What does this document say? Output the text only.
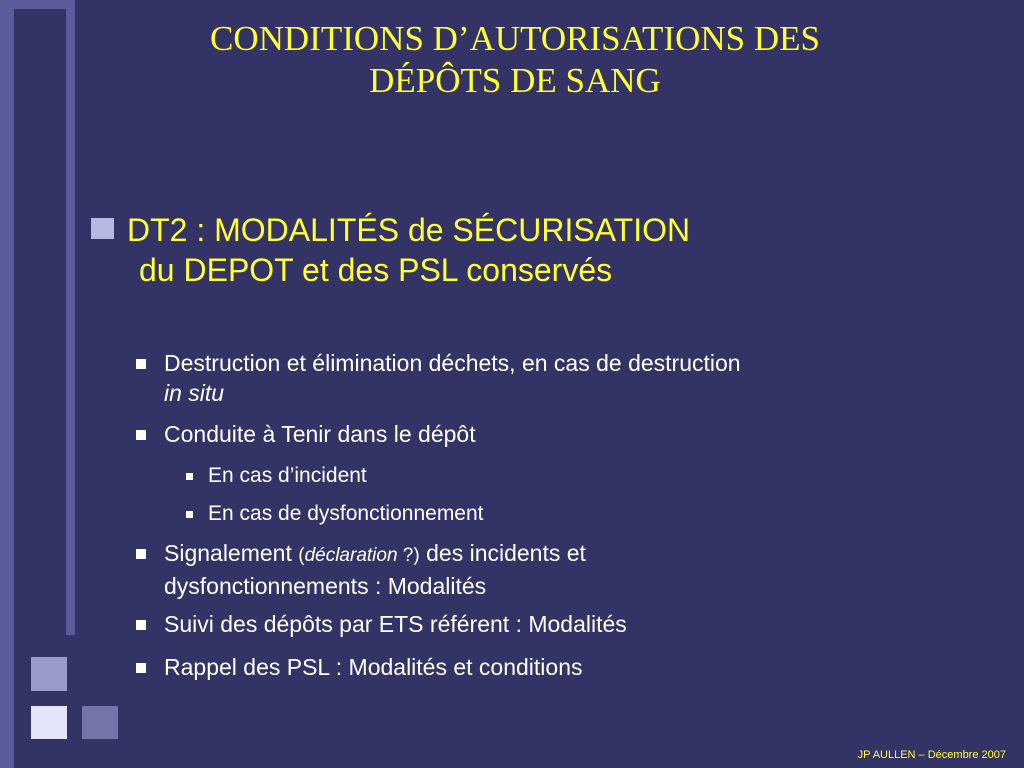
CONDITIONS D’AUTORISATIONS DES
DÉPÔTS DE SANG
DT2 : MODALITÉS de SÉCURISATION
du DEPOT et des PSL conservés
Destruction et élimination déchets, en cas de destruction
in situ
Conduite à Tenir dans le dépôt
En cas d’incident
En cas de dysfonctionnement
Signalement (déclaration ?) des incidents et
dysfonctionnements : Modalités
Suivi des dépôts par ETS référent : Modalités
Rappel des PSL : Modalités et conditions
JP AULLEN – Décembre 2007
